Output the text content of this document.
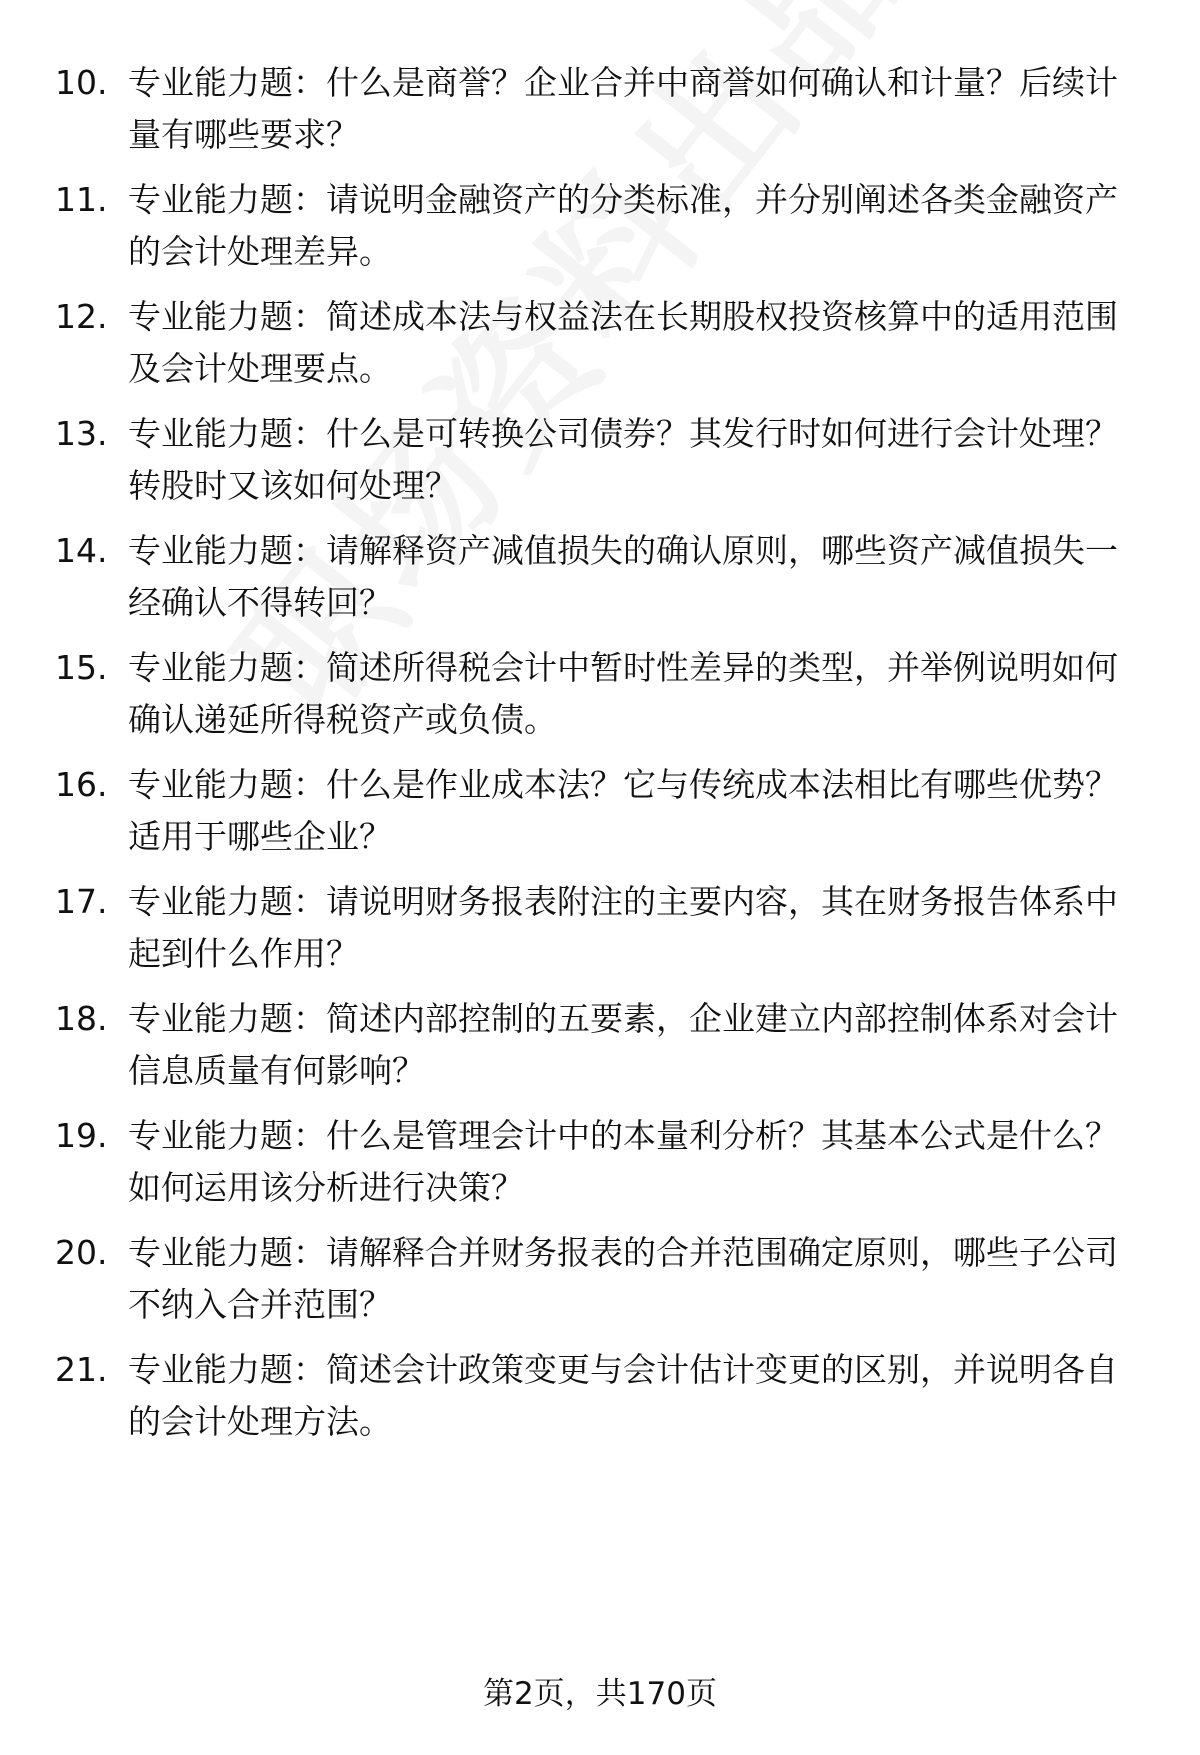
10. 专业能力题：什么是商誉？企业合并中商誉如何确认和计量？后续计量有哪些要求？
11. 专业能力题：请说明金融资产的分类标准，并分别阐述各类金融资产的会计处理差异。
12. 专业能力题：简述成本法与权益法在长期股权投资核算中的适用范围及会计处理要点。
13. 专业能力题：什么是可转换公司债券？其发行时如何进行会计处理？转股时又该如何处理？
14. 专业能力题：请解释资产减值损失的确认原则，哪些资产减值损失一经确认不得转回？
15. 专业能力题：简述所得税会计中暂时性差异的类型，并举例说明如何确认递延所得税资产或负债。
16. 专业能力题：什么是作业成本法？它与传统成本法相比有哪些优势？适用于哪些企业？
17. 专业能力题：请说明财务报表附注的主要内容，其在财务报告体系中起到什么作用？
18. 专业能力题：简述内部控制的五要素，企业建立内部控制体系对会计信息质量有何影响？
19. 专业能力题：什么是管理会计中的本量利分析？其基本公式是什么？如何运用该分析进行决策？
20. 专业能力题：请解释合并财务报表的合并范围确定原则，哪些子公司不纳入合并范围？
21. 专业能力题：简述会计政策变更与会计估计变更的区别，并说明各自的会计处理方法。
第2页，共170页
